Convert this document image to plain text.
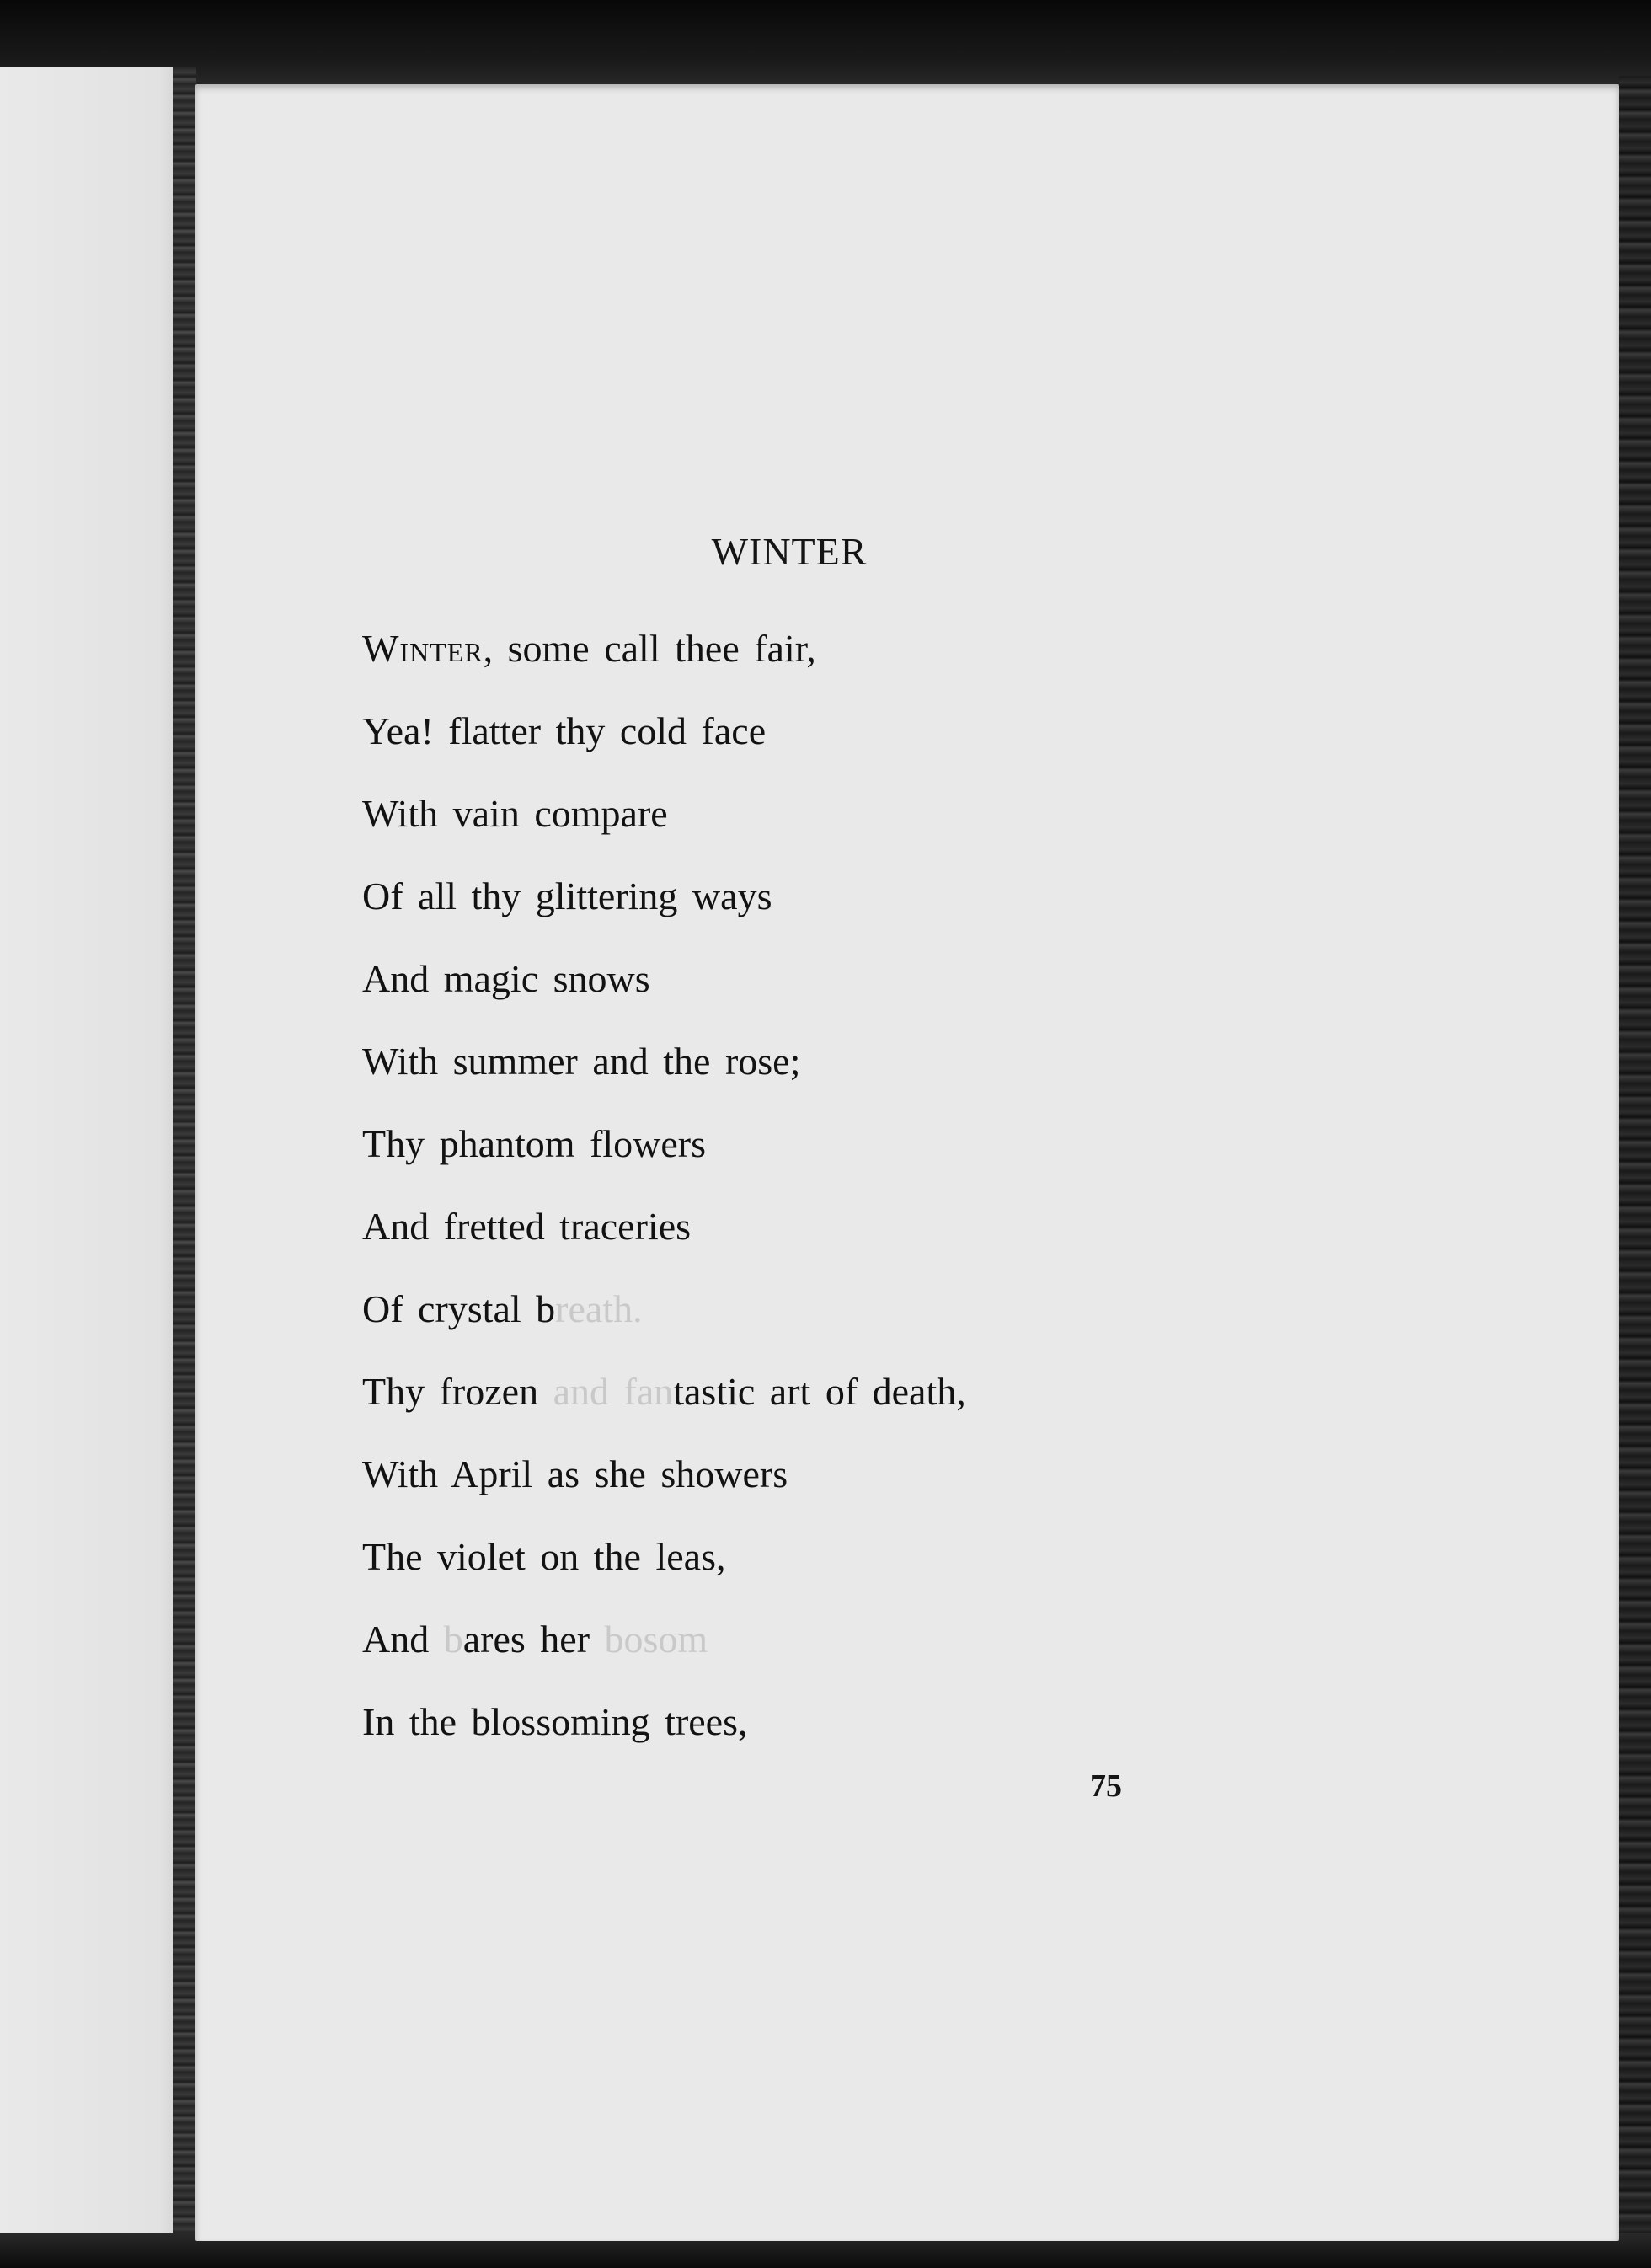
WINTER
Winter, some call thee fair,
Yea! flatter thy cold face
With vain compare
Of all thy glittering ways
And magic snows
With summer and the rose;
Thy phantom flowers
And fretted traceries
Of crystal breath.
Thy frozen and fantastic art of death,
With April as she showers
The violet on the leas,
And bares her bosom
In the blossoming trees,
75
